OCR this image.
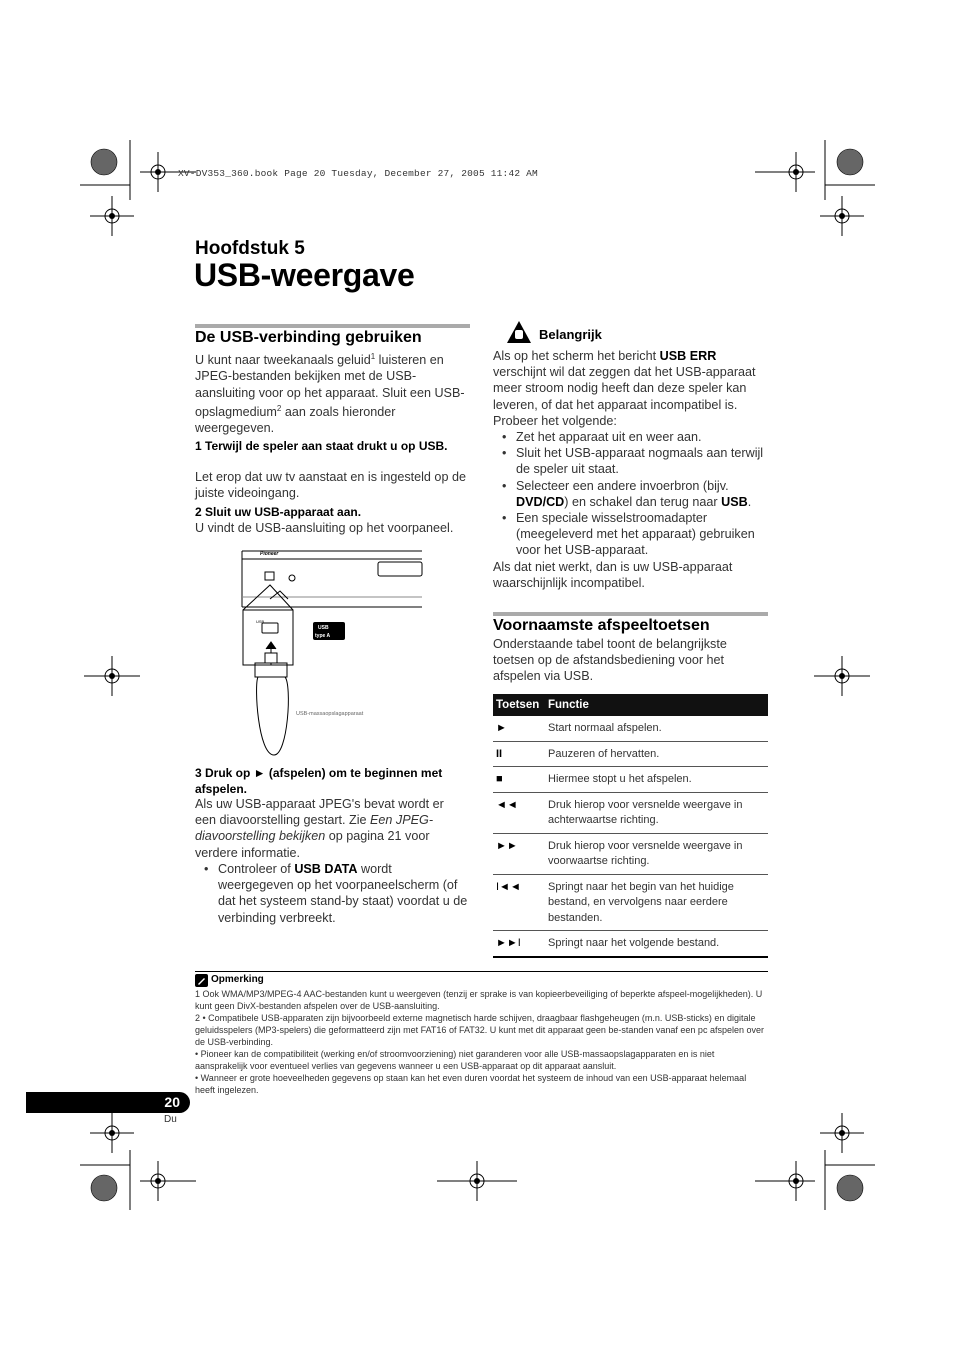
XV-DV353_360.book Page 20 Tuesday, December 27, 2005 11:42 AM
Hoofdstuk 5
USB-weergave
De USB-verbinding gebruiken
U kunt naar tweekanaals geluid$^1$ luisteren en JPEG-bestanden bekijken met de USB-aansluiting voor op het apparaat. Sluit een USB-opslagmedium$^2$ aan zoals hieronder weergegeven.
1 Terwijl de speler aan staat drukt u op USB.
Let erop dat uw tv aanstaat en is ingesteld op de juiste videoingang.
2 Sluit uw USB-apparaat aan.
U vindt de USB-aansluiting op het voorpaneel.
Pioneer
USB
USB
type A
USB-massaopslagapparaat
3 Druk op ► (afspelen) om te beginnen met afspelen.
Als uw USB-apparaat JPEG's bevat wordt er een diavoorstelling gestart. Zie Een JPEG-diavoorstelling bekijken op pagina 21 voor verdere informatie.
• Controleer of USB DATA wordt weergegeven op het voorpaneelscherm (of dat het systeem stand-by staat) voordat u de verbinding verbreekt.
Belangrijk
Als op het scherm het bericht USB ERR verschijnt wil dat zeggen dat het USB-apparaat meer stroom nodig heeft dan deze speler kan leveren, of dat het apparaat incompatibel is. Probeer het volgende:
• Zet het apparaat uit en weer aan.
• Sluit het USB-apparaat nogmaals aan terwijl de speler uit staat.
• Selecteer een andere invoerbron (bijv. DVD/CD) en schakel dan terug naar USB.
• Een speciale wisselstroomadapter (meegeleverd met het apparaat) gebruiken voor het USB-apparaat.
Als dat niet werkt, dan is uw USB-apparaat waarschijnlijk incompatibel.
Voornaamste afspeeltoetsen
Onderstaande tabel toont de belangrijkste toetsen op de afstandsbediening voor het afspelen via USB.
Toetsen	Functie
►	Start normaal afspelen.
II	Pauzeren of hervatten.
■	Hiermee stopt u het afspelen.
◄◄	Druk hierop voor versnelde weergave in achterwaartse richting.
►►	Druk hierop voor versnelde weergave in voorwaartse richting.
I◄◄	Springt naar het begin van het huidige bestand, en vervolgens naar eerdere bestanden.
►►I	Springt naar het volgende bestand.
Opmerking
1 Ook WMA/MP3/MPEG-4 AAC-bestanden kunt u weergeven (tenzij er sprake is van kopieerbeveiliging of beperkte afspeel-mogelijkheden). U kunt geen DivX-bestanden afspelen over de USB-aansluiting.
2 • Compatibele USB-apparaten zijn bijvoorbeeld externe magnetisch harde schijven, draagbaar flashgeheugen (m.n. USB-sticks) en digitale geluidsspelers (MP3-spelers) die geformatteerd zijn met FAT16 of FAT32. U kunt met dit apparaat geen be-standen vanaf een pc afspelen over de USB-verbinding.
• Pioneer kan de compatibiliteit (werking en/of stroomvoorziening) niet garanderen voor alle USB-massaopslagapparaten en is niet aansprakelijk voor eventueel verlies van gegevens wanneer u een USB-apparaat op dit apparaat aansluit.
• Wanneer er grote hoeveelheden gegevens op staan kan het even duren voordat het systeem de inhoud van een USB-apparaat helemaal heeft ingelezen.
20
Du
